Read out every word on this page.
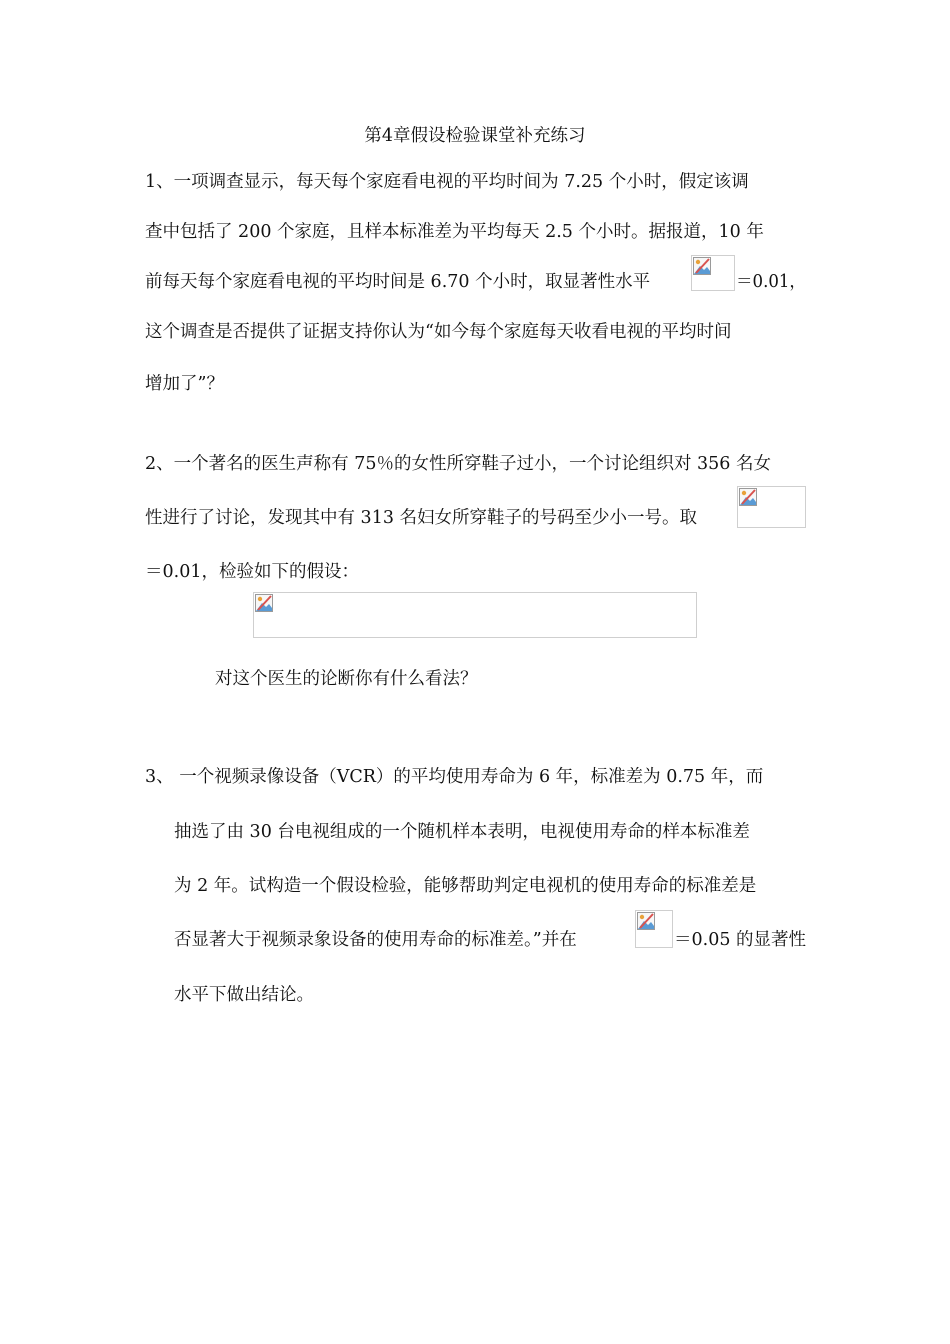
第4章假设检验课堂补充练习
1、一项调查显示，每天每个家庭看电视的平均时间为 7.25 个小时，假定该调
查中包括了 200 个家庭，且样本标准差为平均每天 2.5 个小时。据报道，10 年
前每天每个家庭看电视的平均时间是 6.70 个小时，取显著性水平	＝0.01，
这个调查是否提供了证据支持你认为“如今每个家庭每天收看电视的平均时间
增加了”？
2、一个著名的医生声称有 75％的女性所穿鞋子过小，一个讨论组织对 356 名女
性进行了讨论，发现其中有 313 名妇女所穿鞋子的号码至少小一号。取
＝0.01，检验如下的假设：
对这个医生的论断你有什么看法？
3、 一个视频录像设备（VCR）的平均使用寿命为 6 年，标准差为 0.75 年，而
抽选了由 30 台电视组成的一个随机样本表明，电视使用寿命的样本标准差
为 2 年。试构造一个假设检验，能够帮助判定电视机的使用寿命的标准差是
否显著大于视频录象设备的使用寿命的标准差。”并在	＝0.05 的显著性
水平下做出结论。
